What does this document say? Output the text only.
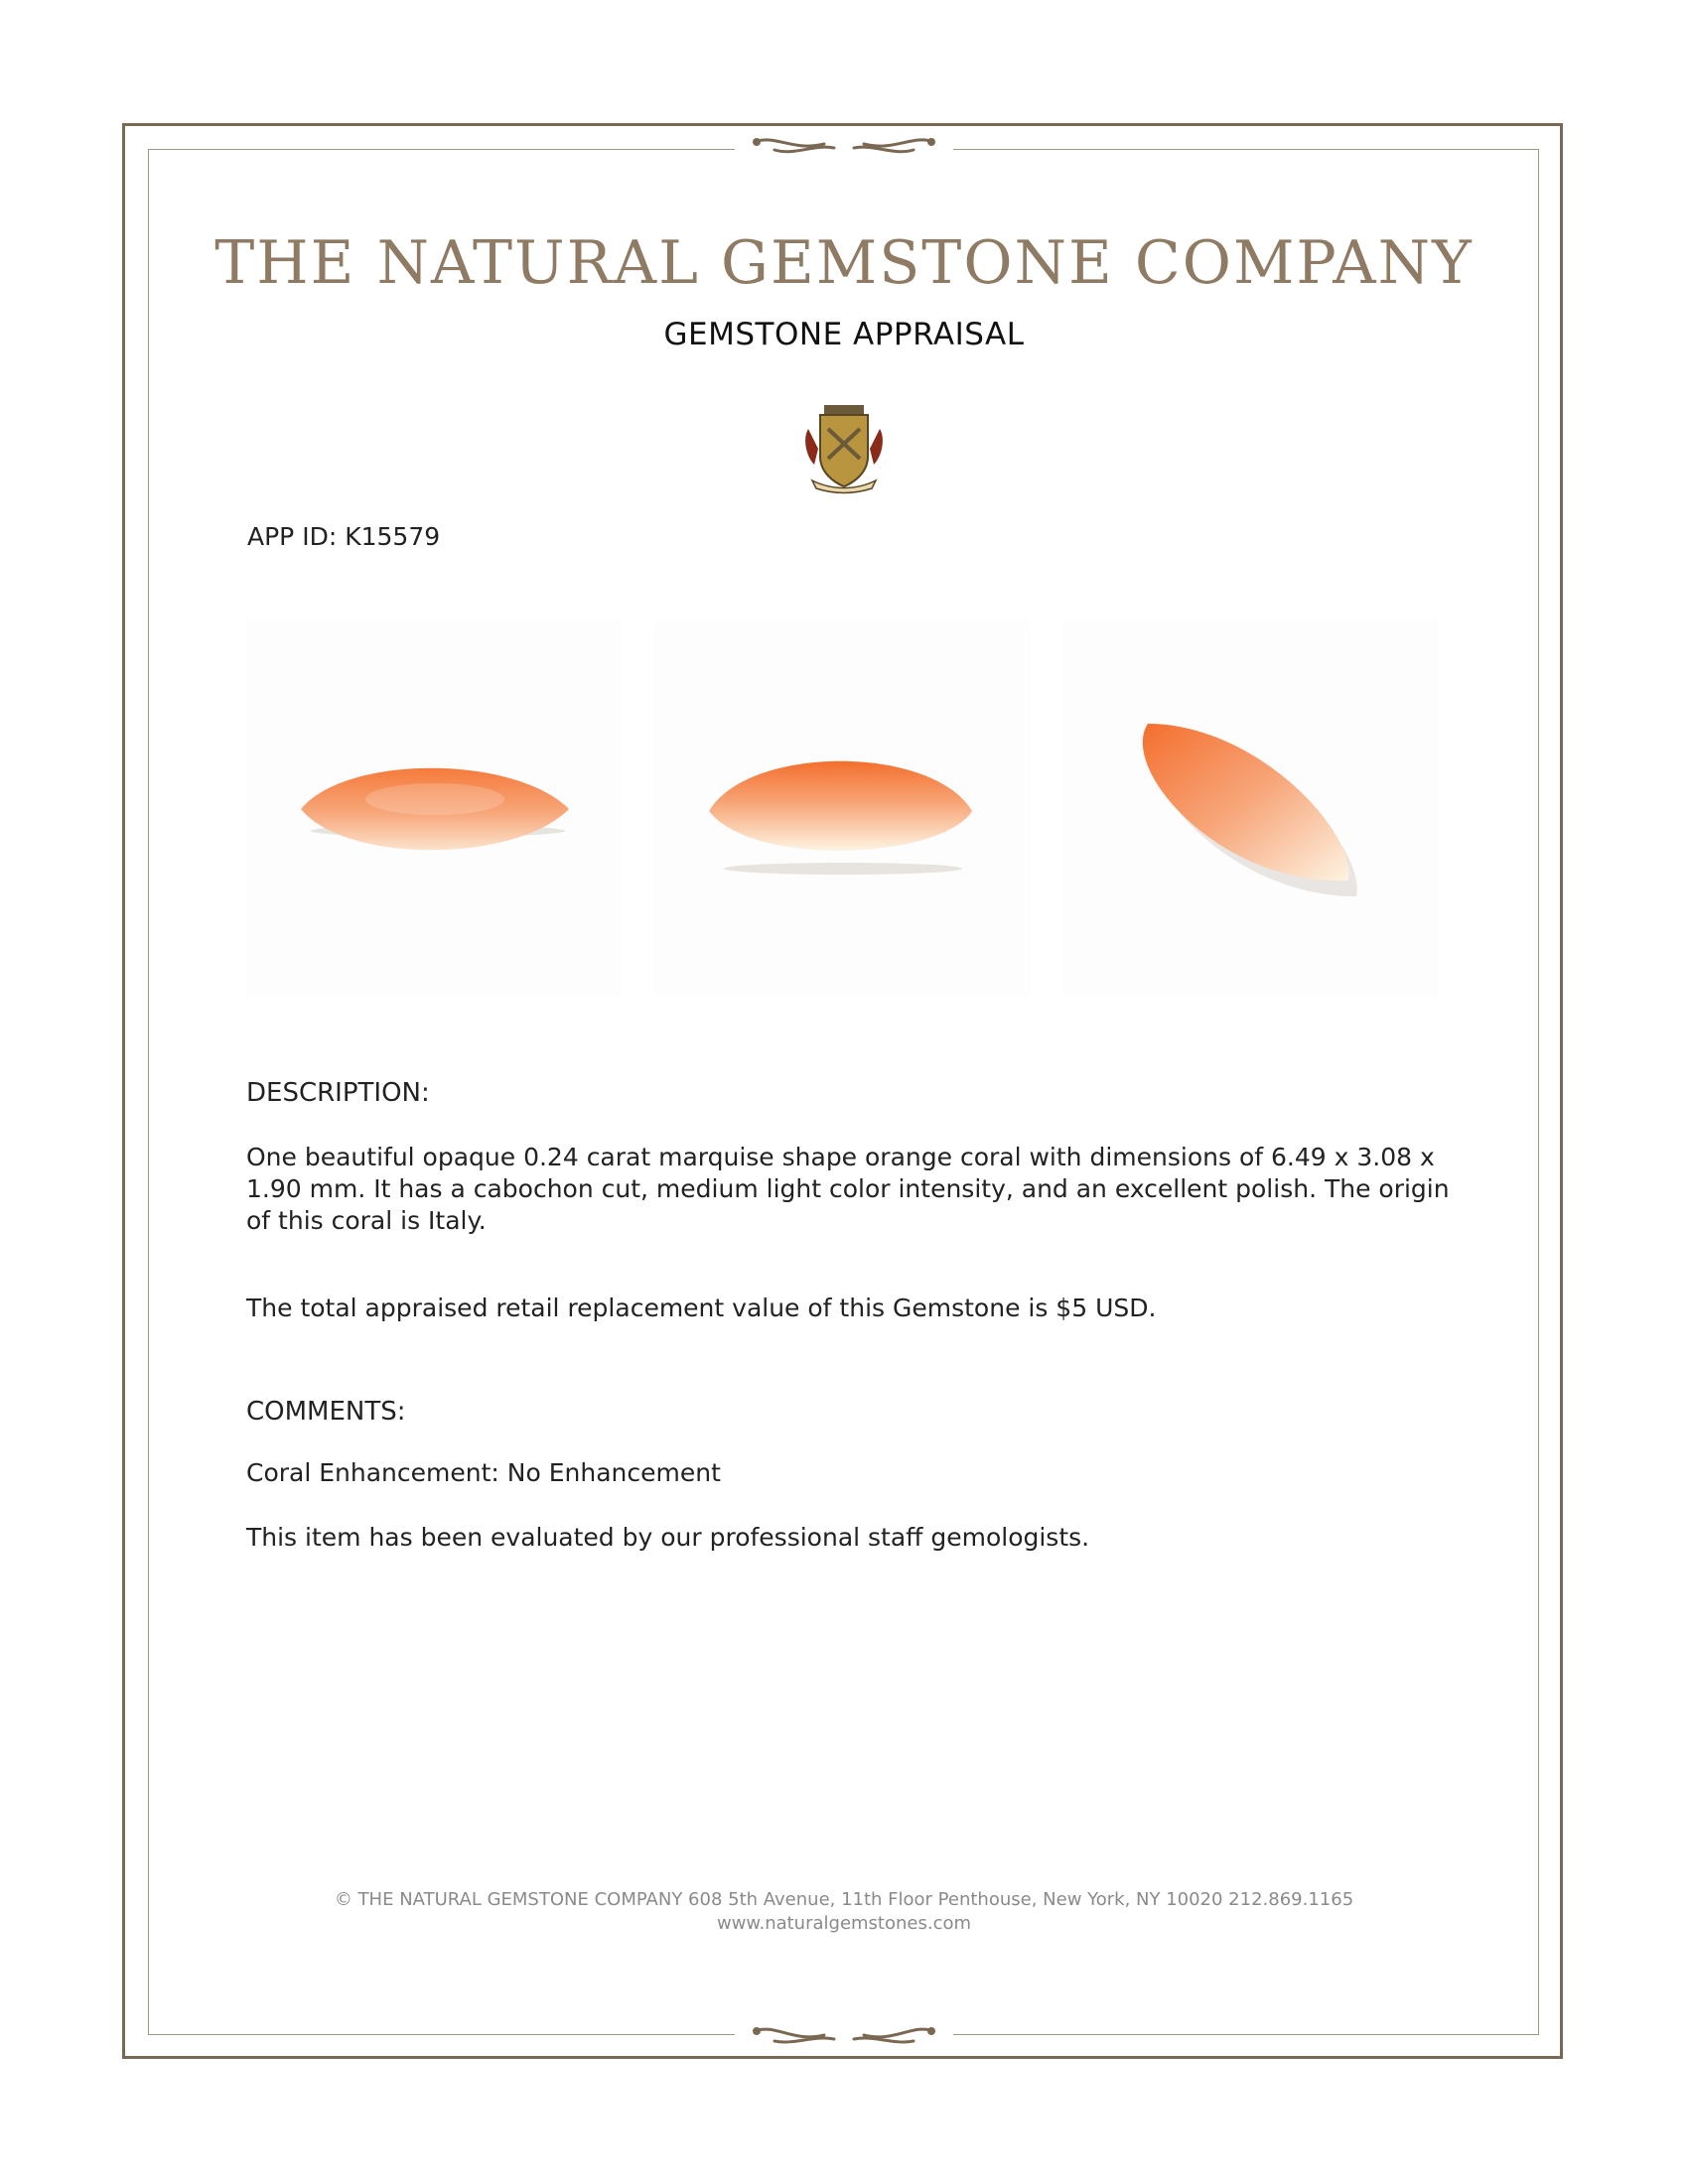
THE NATURAL GEMSTONE COMPANY
GEMSTONE APPRAISAL
APP ID: K15579
DESCRIPTION:
One beautiful opaque 0.24 carat marquise shape orange coral with dimensions of 6.49 x 3.08 x 1.90 mm. It has a cabochon cut, medium light color intensity, and an excellent polish. The origin of this coral is Italy.
The total appraised retail replacement value of this Gemstone is $5 USD.
COMMENTS:
Coral Enhancement: No Enhancement
This item has been evaluated by our professional staff gemologists.
© THE NATURAL GEMSTONE COMPANY 608 5th Avenue, 11th Floor Penthouse, New York, NY 10020 212.869.1165
www.naturalgemstones.com
